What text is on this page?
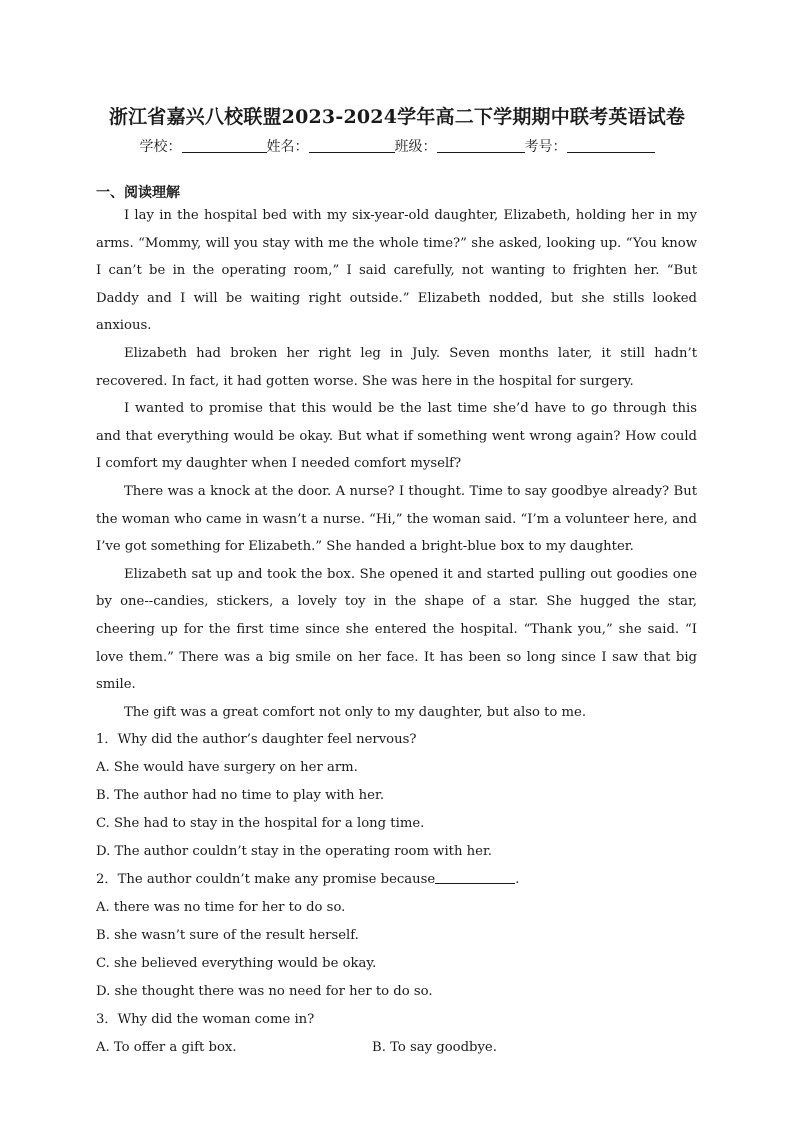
浙江省嘉兴八校联盟2023-2024学年高二下学期期中联考英语试卷
学校：	姓名：	班级：	考号：
一、阅读理解

I lay in the hospital bed with my six-year-old daughter, Elizabeth, holding her in my arms. “Mommy, will you stay with me the whole time?” she asked, looking up. “You know I can’t be in the operating room,” I said carefully, not wanting to frighten her. “But Daddy and I will be waiting right outside.” Elizabeth nodded, but she stills looked anxious.

Elizabeth had broken her right leg in July. Seven months later, it still hadn’t recovered. In fact, it had gotten worse. She was here in the hospital for surgery.

I wanted to promise that this would be the last time she’d have to go through this and that everything would be okay. But what if something went wrong again? How could I comfort my daughter when I needed comfort myself?

There was a knock at the door. A nurse? I thought. Time to say goodbye already? But the woman who came in wasn’t a nurse. “Hi,” the woman said. “I’m a volunteer here, and I’ve got something for Elizabeth.” She handed a bright-blue box to my daughter.

Elizabeth sat up and took the box. She opened it and started pulling out goodies one by one--candies, stickers, a lovely toy in the shape of a star. She hugged the star, cheering up for the first time since she entered the hospital. “Thank you,” she said. “I love them.” There was a big smile on her face. It has been so long since I saw that big smile.

The gift was a great comfort not only to my daughter, but also to me.

1．Why did the author’s daughter feel nervous?

A. She would have surgery on her arm.

B. The author had no time to play with her.

C. She had to stay in the hospital for a long time.

D. The author couldn’t stay in the operating room with her.

2．The author couldn’t make any promise because	.

A. there was no time for her to do so.

B. she wasn’t sure of the result herself.

C. she believed everything would be okay.

D. she thought there was no need for her to do so.

3．Why did the woman come in?

A. To offer a gift box.	B. To say goodbye.
